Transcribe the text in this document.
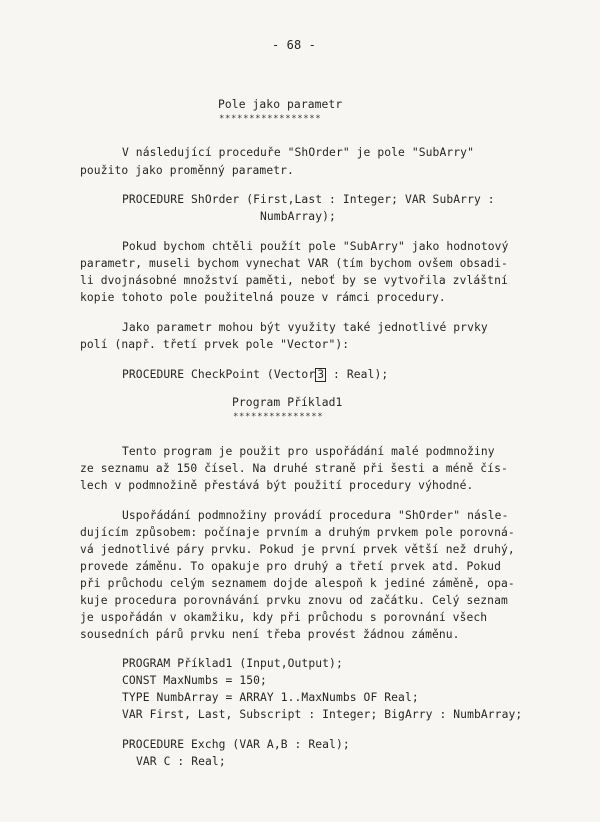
- 68 -
Pole jako parametr
*****************
V následující proceduře "ShOrder" je pole "SubArry"
použito jako proměnný parametr.
PROCEDURE ShOrder (First,Last : Integer; VAR SubArry :
NumbArray);
Pokud bychom chtěli použít pole "SubArry" jako hodnotový
parametr, museli bychom vynechat VAR (tím bychom ovšem obsadi-
li dvojnásobné množství paměti, neboť by se vytvořila zvláštní
kopie tohoto pole použitelná pouze v rámci procedury.
Jako parametr mohou být využity také jednotlivé prvky
polí (např. třetí prvek pole "Vector"):
PROCEDURE CheckPoint (Vector 3 : Real);
Program Příklad1
***************
Tento program je použit pro uspořádání malé podmnožiny
ze seznamu až 150 čísel. Na druhé straně při šesti a méně čís-
lech v podmnožině přestává být použití procedury výhodné.
Uspořádání podmnožiny provádí procedura "ShOrder" násle-
dujícím způsobem: počínaje prvním a druhým prvkem pole porovná-
vá jednotlivé páry prvku. Pokud je první prvek větší než druhý,
provede záměnu. To opakuje pro druhý a třetí prvek atd. Pokud
při průchodu celým seznamem dojde alespoň k jediné záměně, opa-
kuje procedura porovnávání prvku znovu od začátku. Celý seznam
je uspořádán v okamžiku, kdy při průchodu s porovnání všech
sousedních párů prvku není třeba provést žádnou záměnu.
PROGRAM Příklad1 (Input,Output);
CONST MaxNumbs = 150;
TYPE NumbArray = ARRAY 1..MaxNumbs OF Real;
VAR First, Last, Subscript : Integer; BigArry : NumbArray;
PROCEDURE Exchg (VAR A,B : Real);
VAR C : Real;
